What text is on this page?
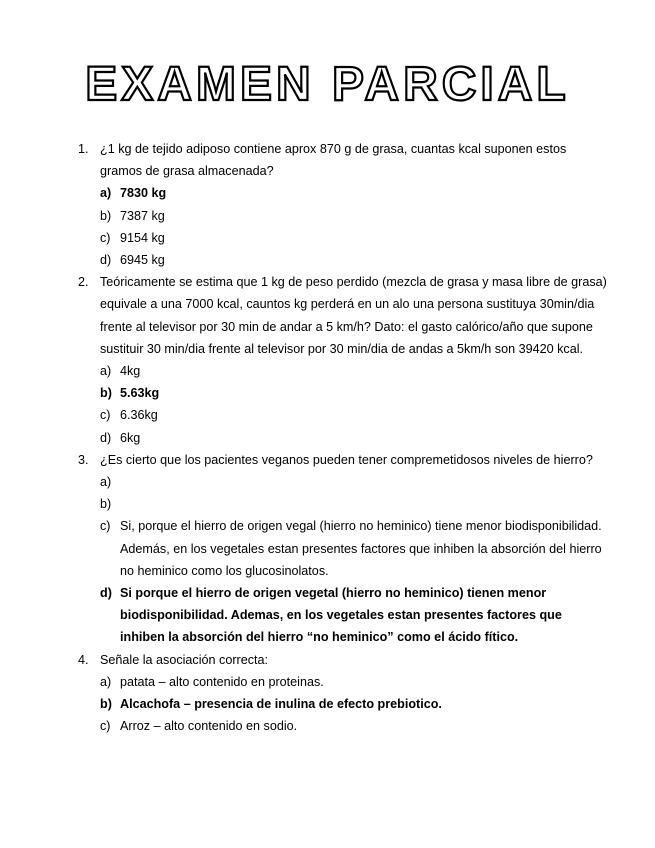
EXAMEN PARCIAL
1. ¿1 kg de tejido adiposo contiene aprox 870 g de grasa, cuantas kcal suponen estos gramos de grasa almacenada?
a) 7830 kg
b) 7387 kg
c) 9154 kg
d) 6945 kg
2. Teóricamente se estima que 1 kg de peso perdido (mezcla de grasa y masa libre de grasa) equivale a una 7000 kcal, cauntos kg perderá en un alo una persona sustituya 30min/dia frente al televisor por 30 min de andar a 5 km/h? Dato: el gasto calórico/año que supone sustituir 30 min/dia frente al televisor por 30 min/dia de andas a 5km/h son 39420 kcal.
a) 4kg
b) 5.63kg
c) 6.36kg
d) 6kg
3. ¿Es cierto que los pacientes veganos pueden tener compremetidosos niveles de hierro?
a)

b)

c) Si, porque el hierro de origen vegal (hierro no heminico) tiene menor biodisponibilidad. Además, en los vegetales estan presentes factores que inhiben la absorción del hierro no heminico como los glucosinolatos.
d) Si porque el hierro de origen vegetal (hierro no heminico) tienen menor biodisponibilidad. Ademas, en los vegetales estan presentes factores que inhiben la absorción del hierro “no heminico” como el ácido fítico.
4. Señale la asociación correcta:
a) patata – alto contenido en proteinas.
b) Alcachofa – presencia de inulina de efecto prebiotico.
c) Arroz – alto contenido en sodio.
